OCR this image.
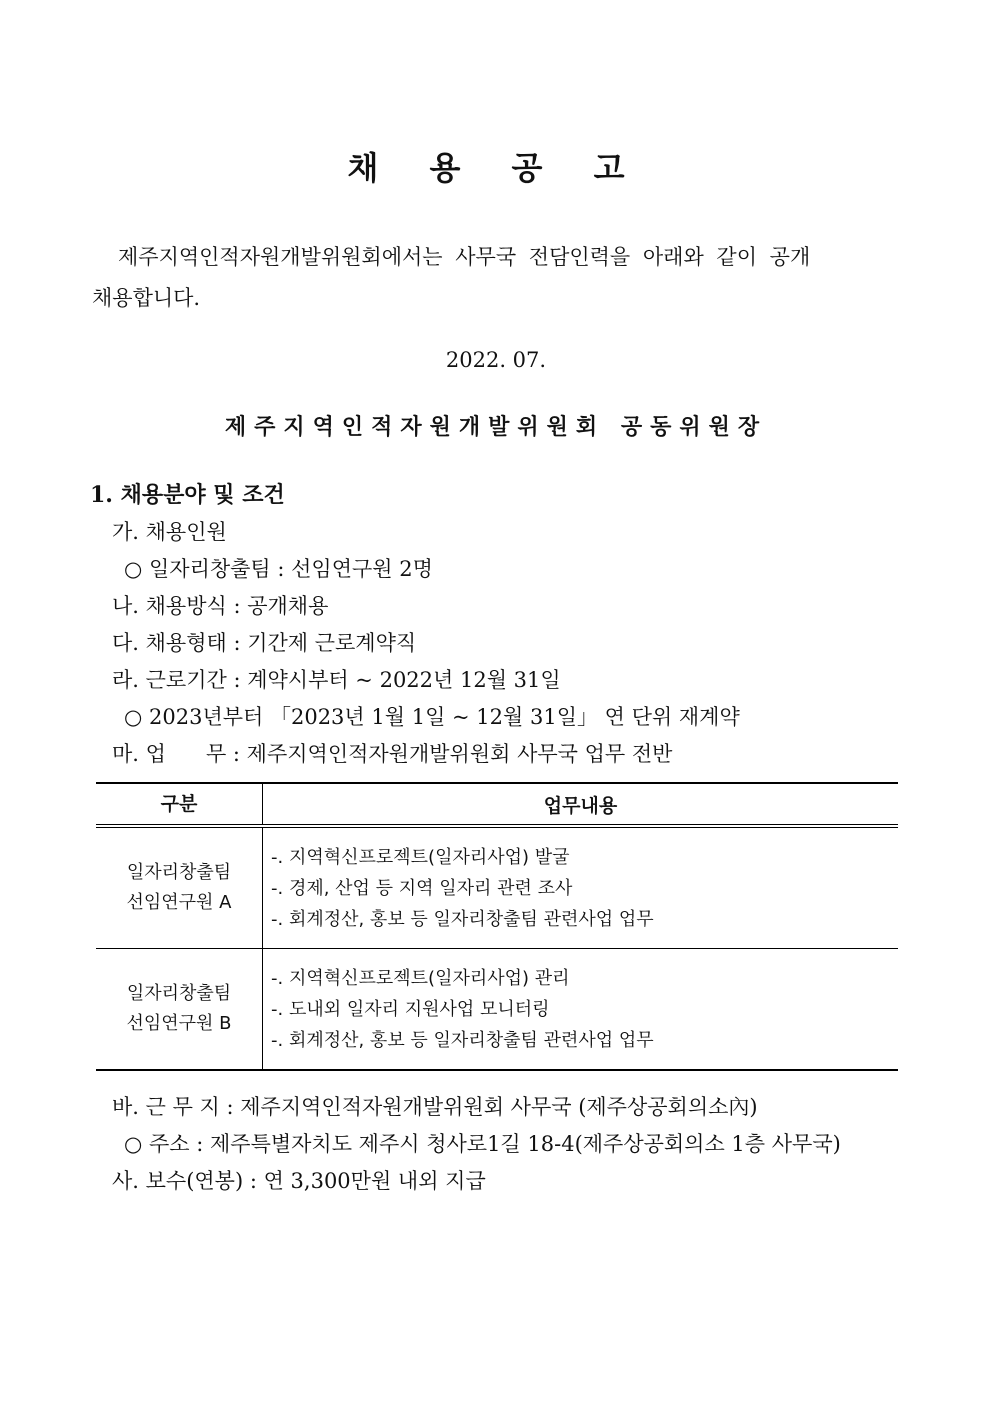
채 용 공 고
제주지역인적자원개발위원회에서는 사무국 전담인력을 아래와 같이 공개
채용합니다.
2022. 07.
제주지역인적자원개발위원회 공동위원장
1. 채용분야 및 조건
가. 채용인원
○ 일자리창출팀 : 선임연구원 2명
나. 채용방식 : 공개채용
다. 채용형태 : 기간제 근로계약직
라. 근로기간 : 계약시부터 ~ 2022년 12월 31일
○ 2023년부터 「2023년 1월 1일 ~ 12월 31일」 연 단위 재계약
마. 업      무 : 제주지역인적자원개발위원회 사무국 업무 전반
구분	업무내용

일자리창출팀
선임연구원 A	-. 지역혁신프로젝트(일자리사업) 발굴
-. 경제, 산업 등 지역 일자리 관련 조사
-. 회계정산, 홍보 등 일자리창출팀 관련사업 업무

일자리창출팀
선임연구원 B	-. 지역혁신프로젝트(일자리사업) 관리
-. 도내외 일자리 지원사업 모니터링
-. 회계정산, 홍보 등 일자리창출팀 관련사업 업무
바. 근 무 지 : 제주지역인적자원개발위원회 사무국 (제주상공회의소內)
○ 주소 : 제주특별자치도 제주시 청사로1길 18-4(제주상공회의소 1층 사무국)
사. 보수(연봉) : 연 3,300만원 내외 지급
